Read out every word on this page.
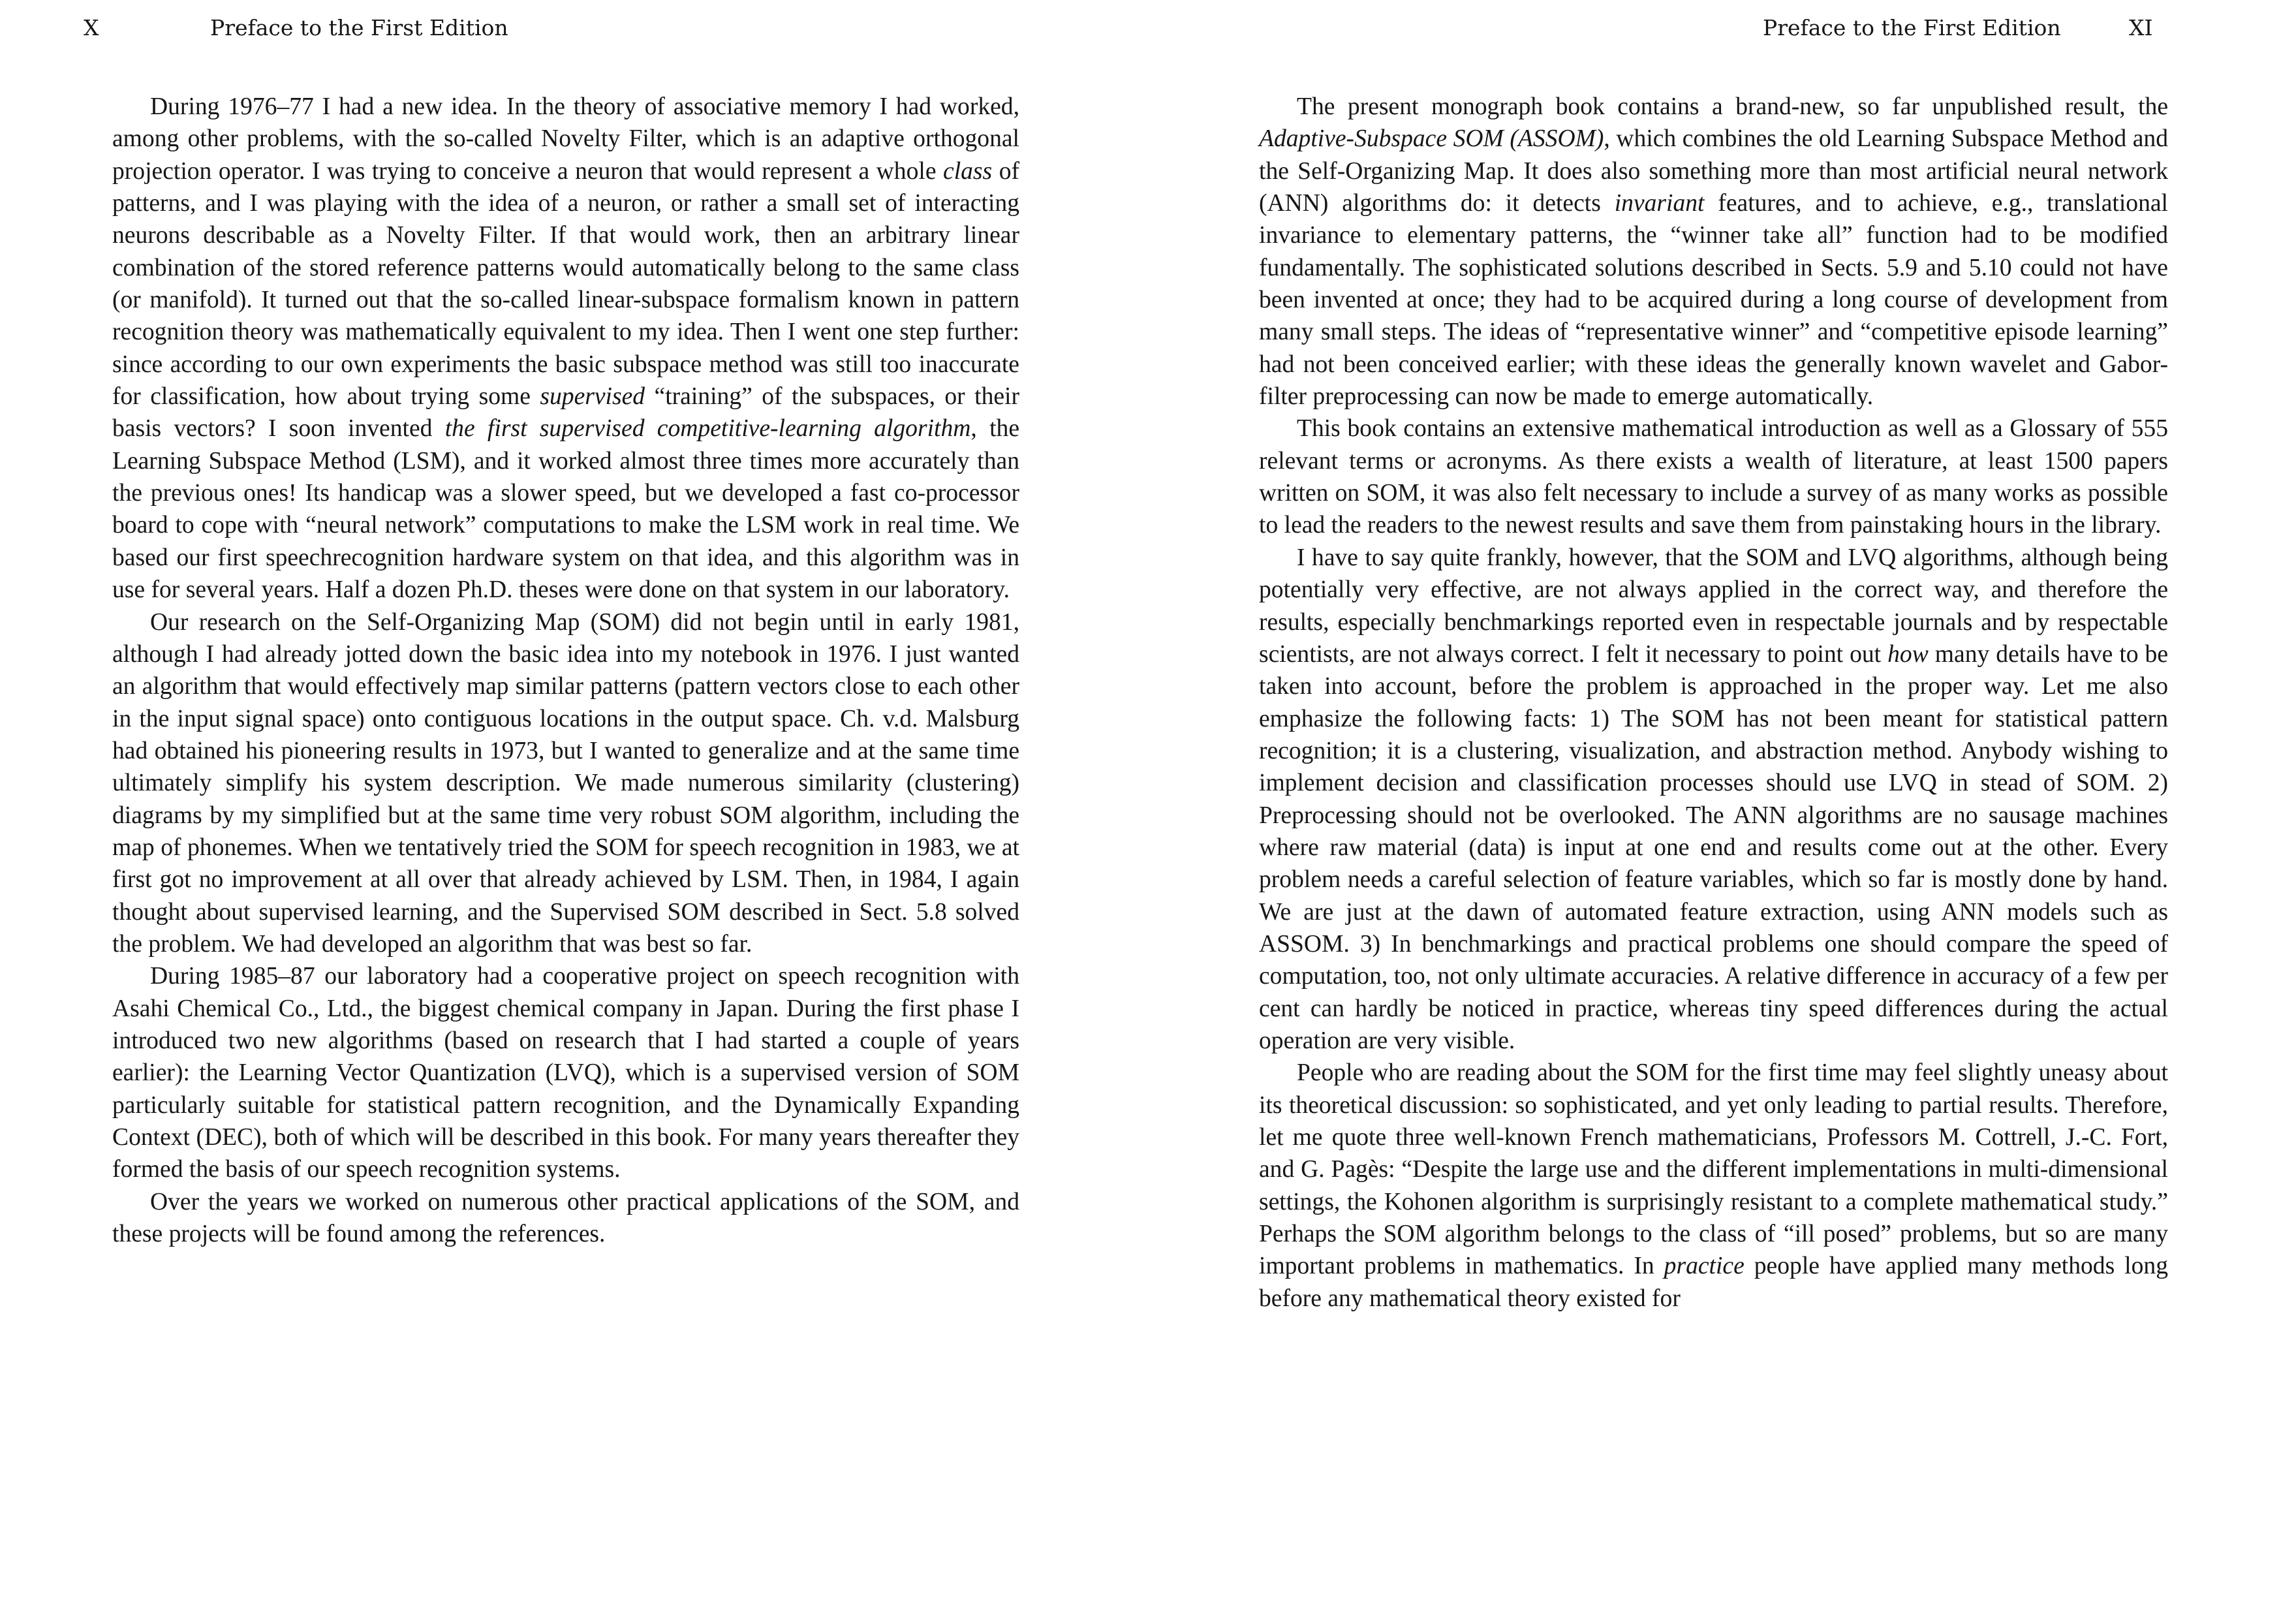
X	Preface to the First Edition

During 1976–77 I had a new idea. In the theory of associative memory I had worked, among other problems, with the so-called Novelty Filter, which is an adaptive orthogonal projection operator. I was trying to conceive a neuron that would represent a whole class of patterns, and I was playing with the idea of a neuron, or rather a small set of interacting neurons describable as a Novelty Filter. If that would work, then an arbitrary linear combination of the stored reference patterns would automatically belong to the same class (or manifold). It turned out that the so-called linear-subspace formalism known in pattern recognition theory was mathematically equivalent to my idea. Then I went one step further: since according to our own experiments the basic subspace method was still too inaccurate for classification, how about trying some supervised “training” of the subspaces, or their basis vectors? I soon invented the first supervised competitive-learning algorithm, the Learning Subspace Method (LSM), and it worked almost three times more accurately than the previous ones! Its handicap was a slower speed, but we developed a fast co-processor board to cope with “neural network” computations to make the LSM work in real time. We based our first speechrecognition hardware system on that idea, and this algorithm was in use for several years. Half a dozen Ph.D. theses were done on that system in our laboratory.

Our research on the Self-Organizing Map (SOM) did not begin until in early 1981, although I had already jotted down the basic idea into my notebook in 1976. I just wanted an algorithm that would effectively map similar patterns (pattern vectors close to each other in the input signal space) onto contiguous locations in the output space. Ch. v.d. Malsburg had obtained his pioneering results in 1973, but I wanted to generalize and at the same time ultimately simplify his system description. We made numerous similarity (clustering) diagrams by my simplified but at the same time very robust SOM algorithm, including the map of phonemes. When we tentatively tried the SOM for speech recognition in 1983, we at first got no improvement at all over that already achieved by LSM. Then, in 1984, I again thought about supervised learning, and the Supervised SOM described in Sect. 5.8 solved the problem. We had developed an algorithm that was best so far.

During 1985–87 our laboratory had a cooperative project on speech recognition with Asahi Chemical Co., Ltd., the biggest chemical company in Japan. During the first phase I introduced two new algorithms (based on research that I had started a couple of years earlier): the Learning Vector Quantization (LVQ), which is a supervised version of SOM particularly suitable for statistical pattern recognition, and the Dynamically Expanding Context (DEC), both of which will be described in this book. For many years thereafter they formed the basis of our speech recognition systems.

Over the years we worked on numerous other practical applications of the SOM, and these projects will be found among the references.

Preface to the First Edition	XI

The present monograph book contains a brand-new, so far unpublished result, the Adaptive-Subspace SOM (ASSOM), which combines the old Learning Subspace Method and the Self-Organizing Map. It does also something more than most artificial neural network (ANN) algorithms do: it detects invariant features, and to achieve, e.g., translational invariance to elementary patterns, the “winner take all” function had to be modified fundamentally. The sophisticated solutions described in Sects. 5.9 and 5.10 could not have been invented at once; they had to be acquired during a long course of development from many small steps. The ideas of “representative winner” and “competitive episode learning” had not been conceived earlier; with these ideas the generally known wavelet and Gabor-filter preprocessing can now be made to emerge automatically.

This book contains an extensive mathematical introduction as well as a Glossary of 555 relevant terms or acronyms. As there exists a wealth of literature, at least 1500 papers written on SOM, it was also felt necessary to include a survey of as many works as possible to lead the readers to the newest results and save them from painstaking hours in the library.

I have to say quite frankly, however, that the SOM and LVQ algorithms, although being potentially very effective, are not always applied in the correct way, and therefore the results, especially benchmarkings reported even in respectable journals and by respectable scientists, are not always correct. I felt it necessary to point out how many details have to be taken into account, before the problem is approached in the proper way. Let me also emphasize the following facts: 1) The SOM has not been meant for statistical pattern recognition; it is a clustering, visualization, and abstraction method. Anybody wishing to implement decision and classification processes should use LVQ in stead of SOM. 2) Preprocessing should not be overlooked. The ANN algorithms are no sausage machines where raw material (data) is input at one end and results come out at the other. Every problem needs a careful selection of feature variables, which so far is mostly done by hand. We are just at the dawn of automated feature extraction, using ANN models such as ASSOM. 3) In benchmarkings and practical problems one should compare the speed of computation, too, not only ultimate accuracies. A relative difference in accuracy of a few per cent can hardly be noticed in practice, whereas tiny speed differences during the actual operation are very visible.

People who are reading about the SOM for the first time may feel slightly uneasy about its theoretical discussion: so sophisticated, and yet only leading to partial results. Therefore, let me quote three well-known French mathematicians, Professors M. Cottrell, J.-C. Fort, and G. Pagès: “Despite the large use and the different implementations in multi-dimensional settings, the Kohonen algorithm is surprisingly resistant to a complete mathematical study.” Perhaps the SOM algorithm belongs to the class of “ill posed” problems, but so are many important problems in mathematics. In practice people have applied many methods long before any mathematical theory existed for
